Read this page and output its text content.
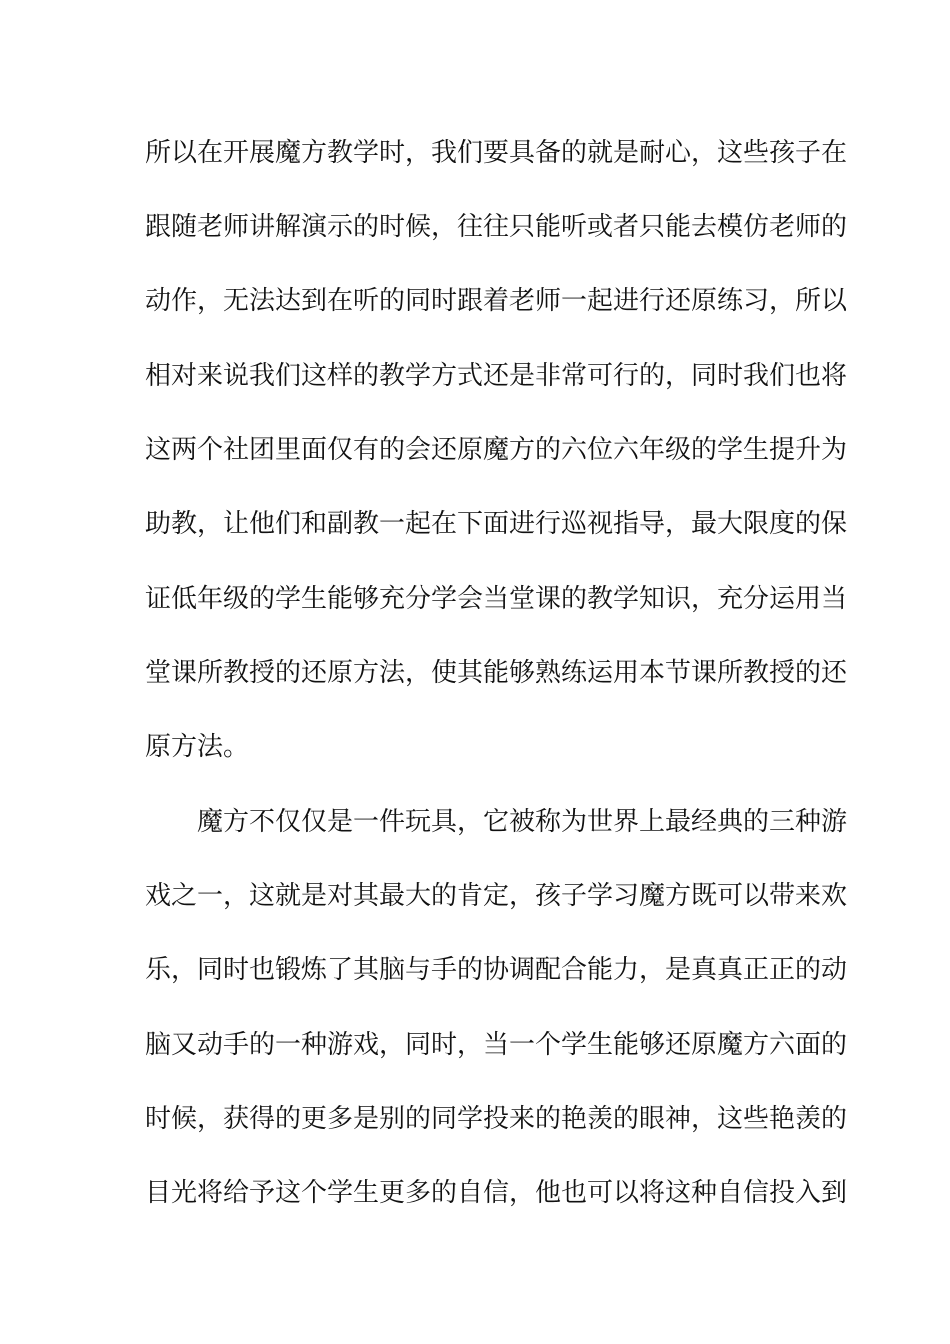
所以在开展魔方教学时，我们要具备的就是耐心，这些孩子在
跟随老师讲解演示的时候，往往只能听或者只能去模仿老师的
动作，无法达到在听的同时跟着老师一起进行还原练习，所以
相对来说我们这样的教学方式还是非常可行的，同时我们也将
这两个社团里面仅有的会还原魔方的六位六年级的学生提升为
助教，让他们和副教一起在下面进行巡视指导，最大限度的保
证低年级的学生能够充分学会当堂课的教学知识，充分运用当
堂课所教授的还原方法，使其能够熟练运用本节课所教授的还
原方法。
魔方不仅仅是一件玩具，它被称为世界上最经典的三种游
戏之一，这就是对其最大的肯定，孩子学习魔方既可以带来欢
乐，同时也锻炼了其脑与手的协调配合能力，是真真正正的动
脑又动手的一种游戏，同时，当一个学生能够还原魔方六面的
时候，获得的更多是别的同学投来的艳羡的眼神，这些艳羡的
目光将给予这个学生更多的自信，他也可以将这种自信投入到
